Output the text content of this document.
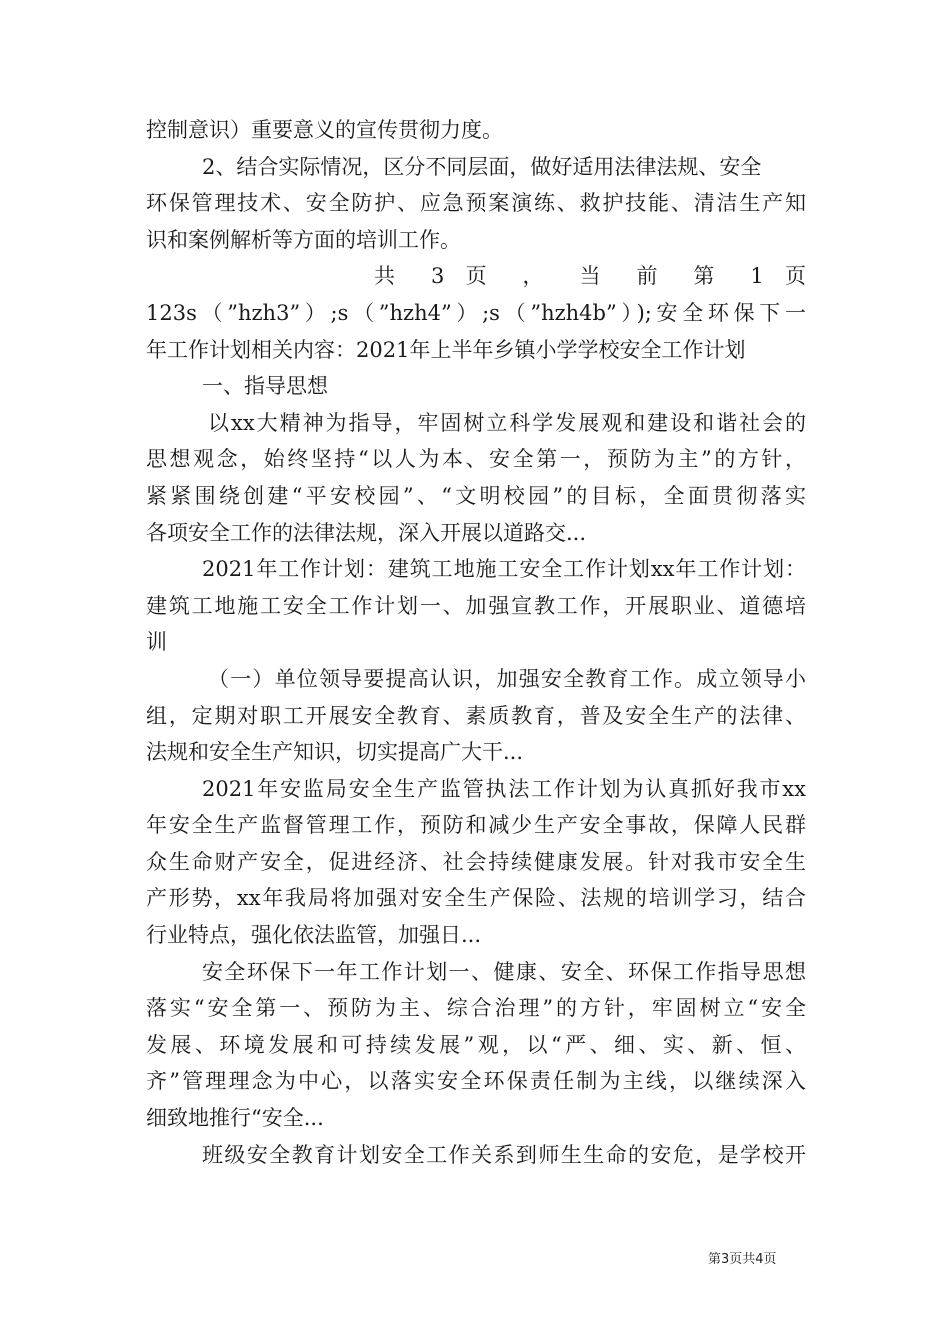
控制意识）重要意义的宣传贯彻力度。
2、结合实际情况，区分不同层面，做好适用法律法规、安全
环保管理技术、安全防护、应急预案演练、救护技能、清洁生产知
识和案例解析等方面的培训工作。
共 3 页 ， 当 前 第 1 页
123s（”hzh3”）;s（”hzh4”）;s（”hzh4b”）);安全环保下一
年工作计划相关内容：2021年上半年乡镇小学学校安全工作计划
一、指导思想
以xx大精神为指导，牢固树立科学发展观和建设和谐社会的
思想观念，始终坚持“以人为本、安全第一，预防为主”的方针，
紧紧围绕创建“平安校园”、“文明校园”的目标，全面贯彻落实
各项安全工作的法律法规，深入开展以道路交...
2021年工作计划：建筑工地施工安全工作计划xx年工作计划：
建筑工地施工安全工作计划一、加强宣教工作，开展职业、道德培
训
（一）单位领导要提高认识，加强安全教育工作。成立领导小
组，定期对职工开展安全教育、素质教育，普及安全生产的法律、
法规和安全生产知识，切实提高广大干...
2021年安监局安全生产监管执法工作计划为认真抓好我市xx
年安全生产监督管理工作，预防和减少生产安全事故，保障人民群
众生命财产安全，促进经济、社会持续健康发展。针对我市安全生
产形势，xx年我局将加强对安全生产保险、法规的培训学习，结合
行业特点，强化依法监管，加强日...
安全环保下一年工作计划一、健康、安全、环保工作指导思想
落实“安全第一、预防为主、综合治理”的方针，牢固树立“安全
发展、环境发展和可持续发展”观，以“严、细、实、新、恒、
齐”管理理念为中心，以落实安全环保责任制为主线，以继续深入
细致地推行“安全...
班级安全教育计划安全工作关系到师生生命的安危，是学校开
第3页共4页
